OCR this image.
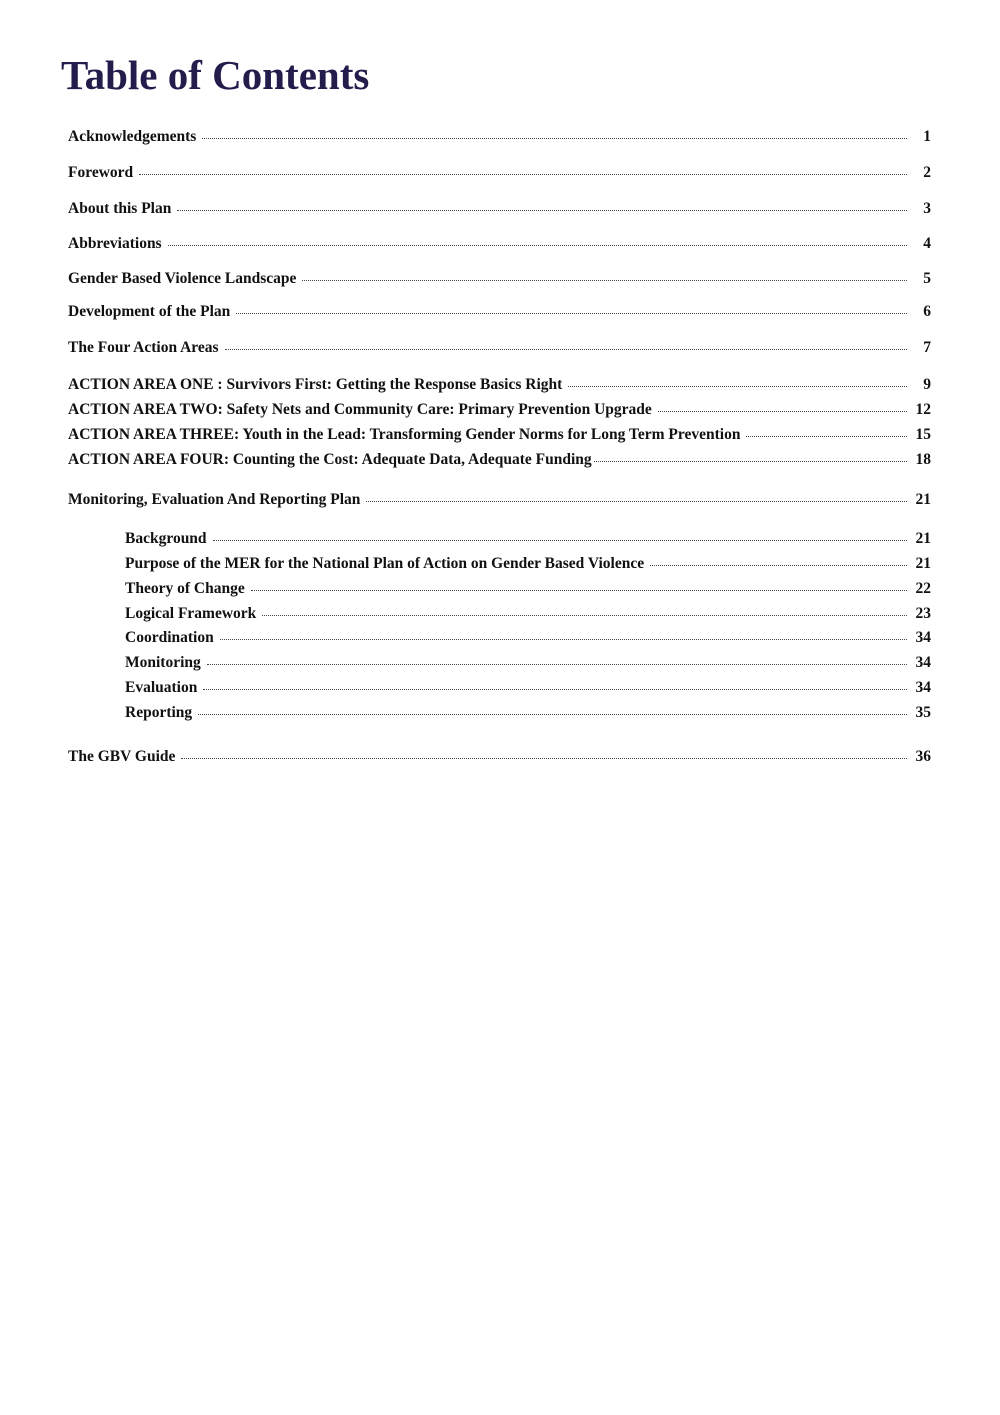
Table of Contents
Acknowledgements	1
Foreword	2
About this Plan	3
Abbreviations	4
Gender Based Violence Landscape	5
Development of the Plan	6
The Four Action Areas	7
ACTION AREA ONE : Survivors First: Getting the Response Basics Right	9
ACTION AREA TWO: Safety Nets and Community Care: Primary Prevention Upgrade	12
ACTION AREA THREE: Youth in the Lead: Transforming Gender Norms for Long Term Prevention	15
ACTION AREA FOUR: Counting the Cost: Adequate Data, Adequate Funding	18
Monitoring, Evaluation And Reporting Plan	21
Background	21
Purpose of the MER for the National Plan of Action on Gender Based Violence	21
Theory of Change	22
Logical Framework	23
Coordination	34
Monitoring	34
Evaluation	34
Reporting	35
The GBV Guide	36
